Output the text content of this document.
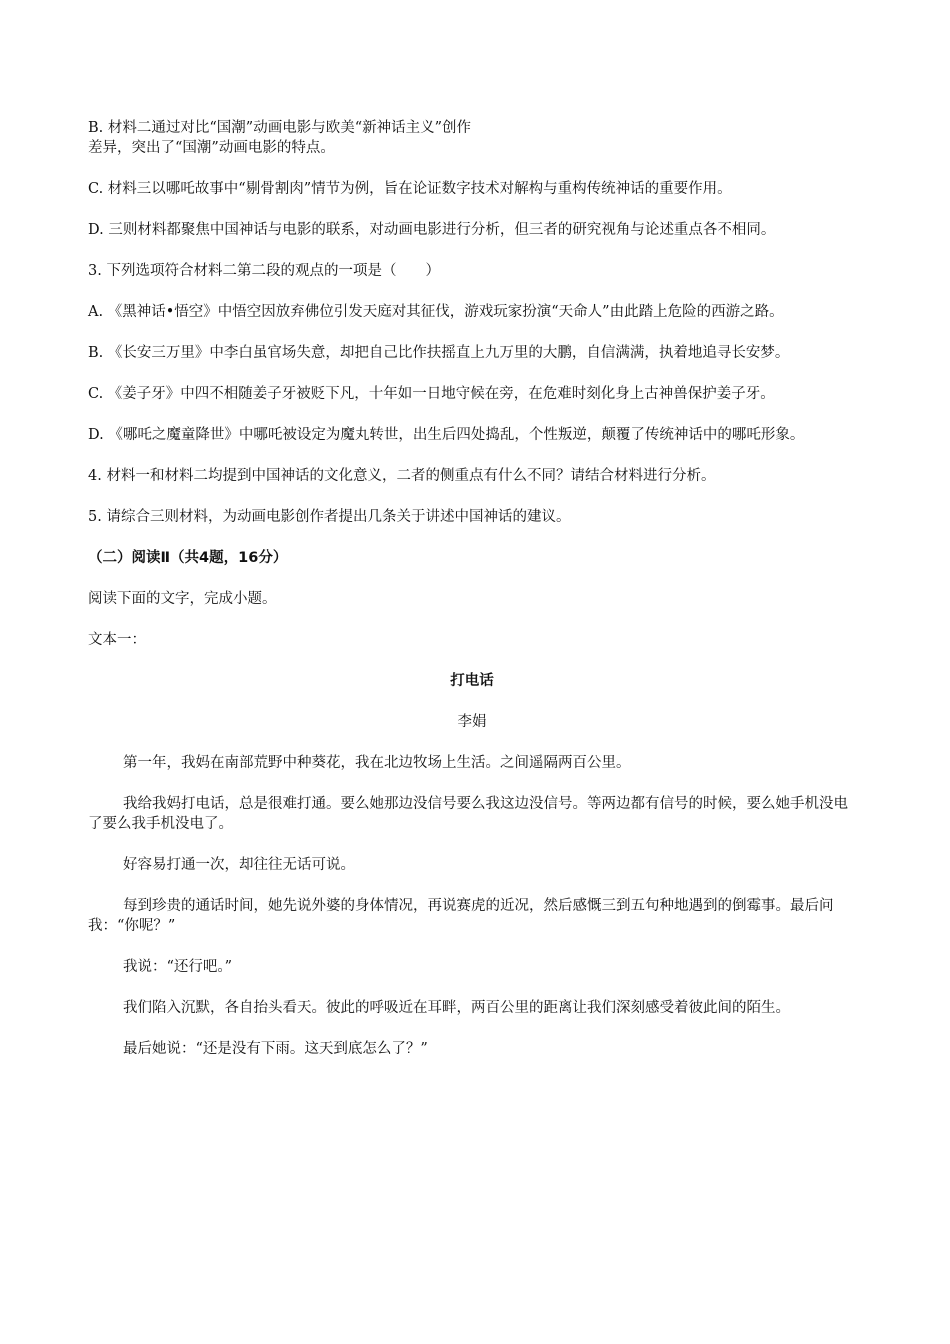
B. 材料二通过对比“国潮”动画电影与欧美“新神话主义”创作

差异，突出了“国潮”动画电影的特点。

C. 材料三以哪吒故事中“剔骨割肉”情节为例，旨在论证数字技术对解构与重构传统神话的重要作用。

D. 三则材料都聚焦中国神话与电影的联系，对动画电影进行分析，但三者的研究视角与论述重点各不相同。

3. 下列选项符合材料二第二段的观点的一项是（　　）

A. 《黑神话•悟空》中悟空因放弃佛位引发天庭对其征伐，游戏玩家扮演“天命人”由此踏上危险的西游之路。

B. 《长安三万里》中李白虽官场失意，却把自己比作扶摇直上九万里的大鹏，自信满满，执着地追寻长安梦。

C. 《姜子牙》中四不相随姜子牙被贬下凡，十年如一日地守候在旁，在危难时刻化身上古神兽保护姜子牙。

D. 《哪吒之魔童降世》中哪吒被设定为魔丸转世，出生后四处捣乱，个性叛逆，颠覆了传统神话中的哪吒形象。

4. 材料一和材料二均提到中国神话的文化意义，二者的侧重点有什么不同？请结合材料进行分析。

5. 请综合三则材料，为动画电影创作者提出几条关于讲述中国神话的建议。

（二）阅读Ⅱ（共4题，16分）

阅读下面的文字，完成小题。

文本一：

打电话

李娟

第一年，我妈在南部荒野中种葵花，我在北边牧场上生活。之间遥隔两百公里。

我给我妈打电话，总是很难打通。要么她那边没信号要么我这边没信号。等两边都有信号的时候，要么她手机没电了要么我手机没电了。

好容易打通一次，却往往无话可说。

每到珍贵的通话时间，她先说外婆的身体情况，再说赛虎的近况，然后感慨三到五句种地遇到的倒霉事。最后问我：“你呢？”

我说：“还行吧。”

我们陷入沉默，各自抬头看天。彼此的呼吸近在耳畔，两百公里的距离让我们深刻感受着彼此间的陌生。

最后她说：“还是没有下雨。这天到底怎么了？”
